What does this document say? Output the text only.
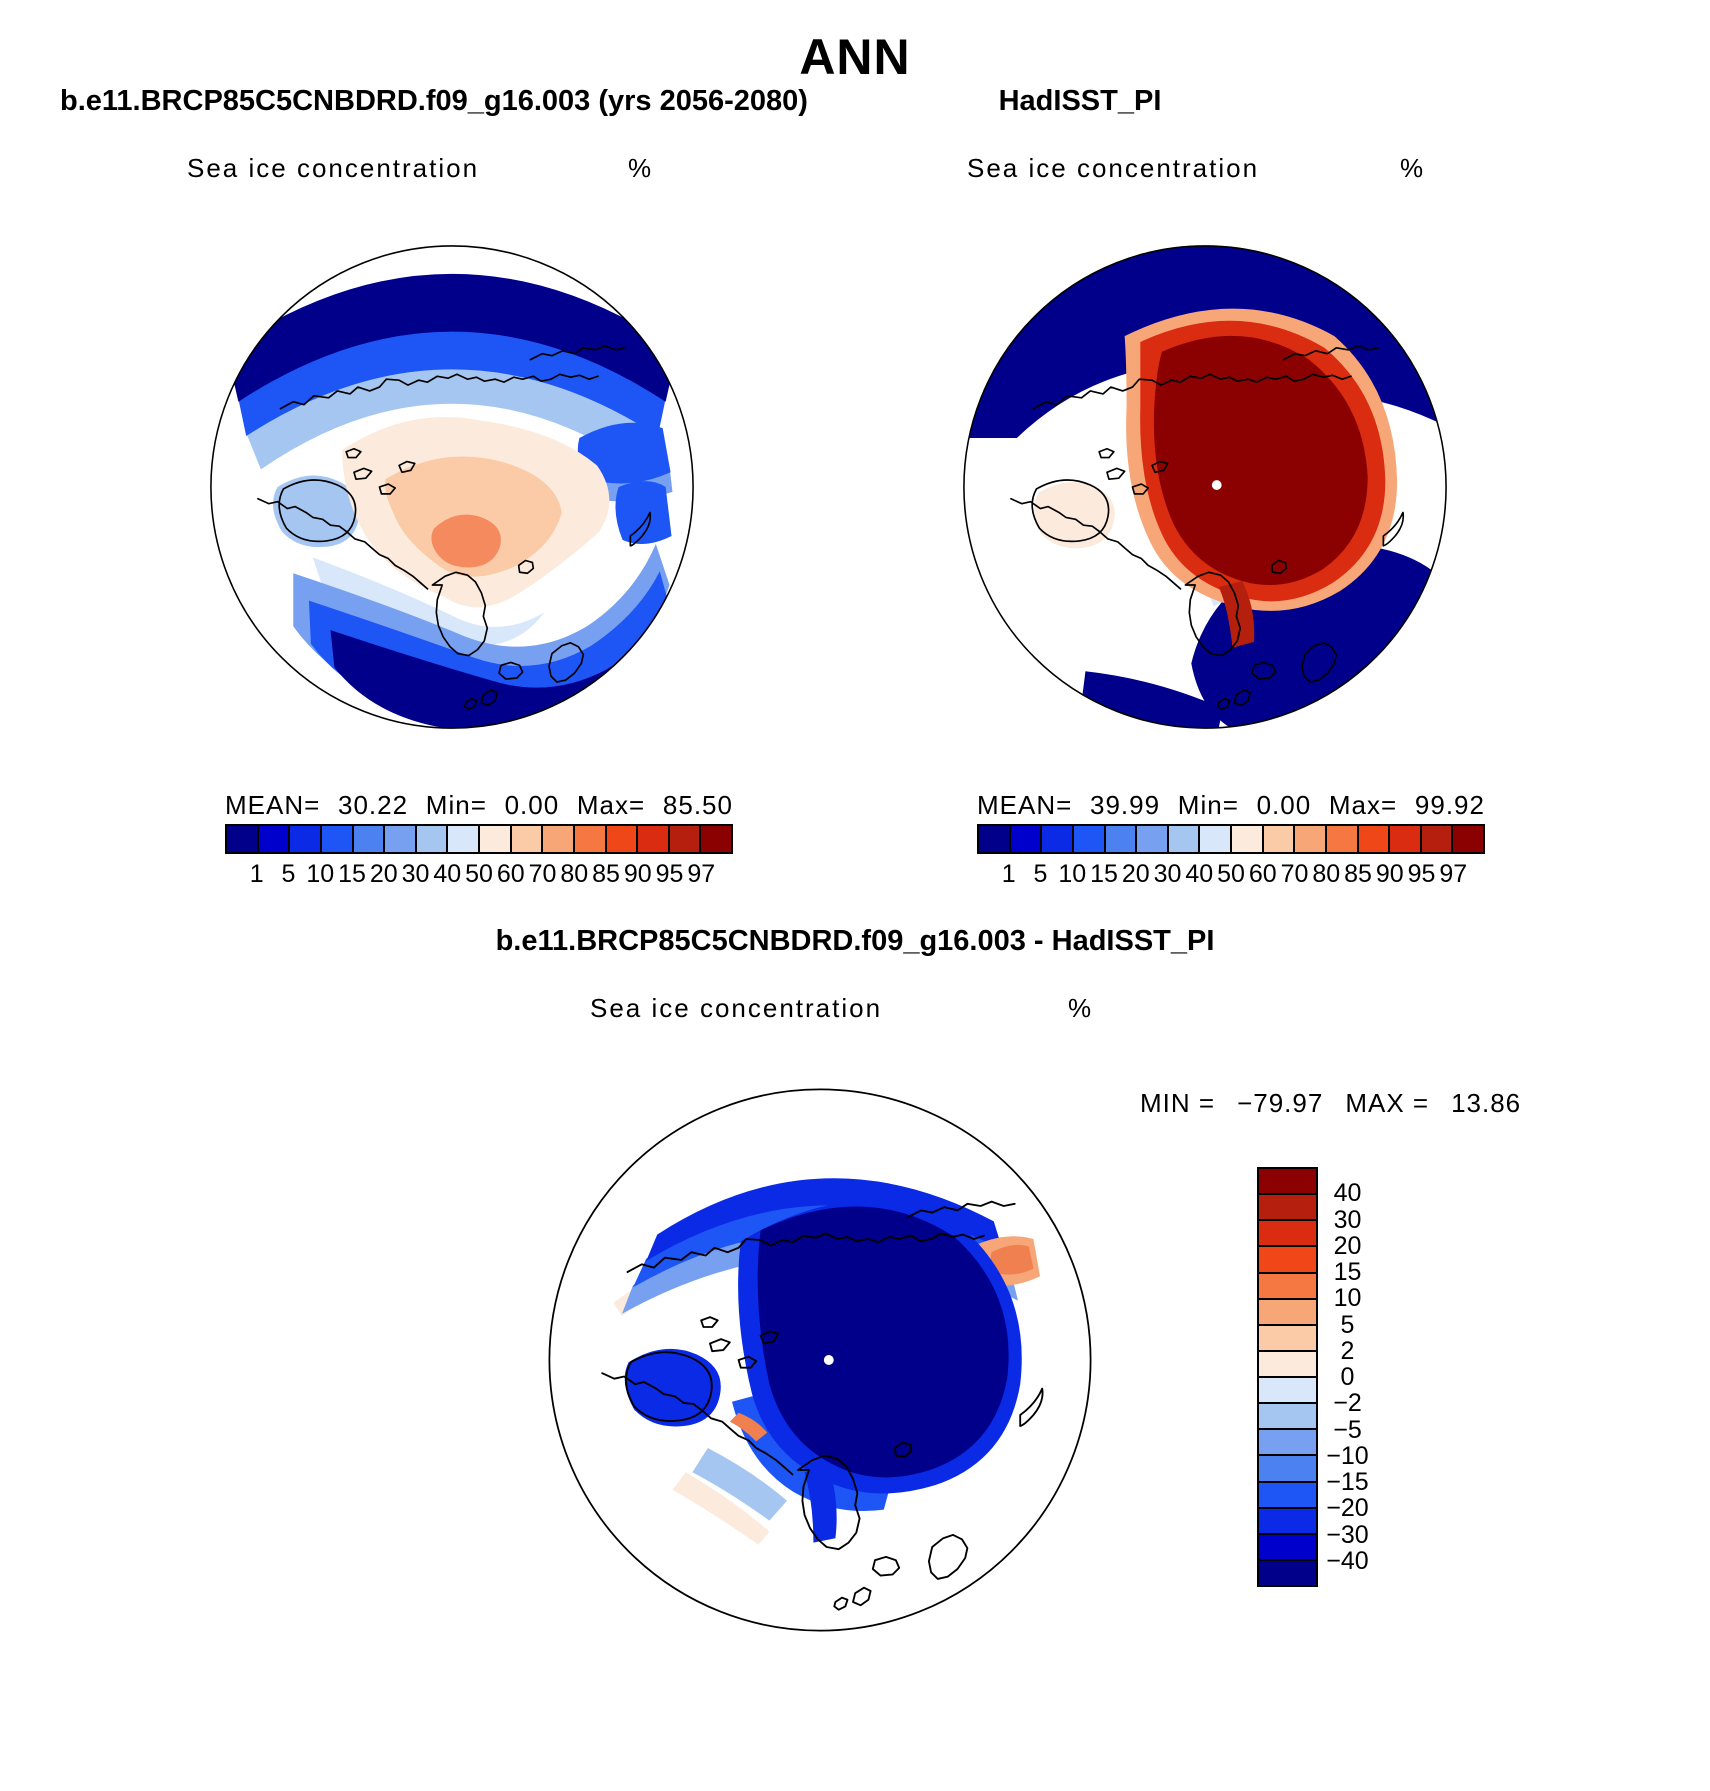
ANN
b.e11.BRCP85C5CNBDRD.f09_g16.003 (yrs 2056-2080)	HadISST_PI
Sea ice concentration	%
MEAN= 30.22 Min= 0.00 Max= 85.50
1 5 10 15 20 30 40 50 60 70 80 85 90 95 97
Sea ice concentration	%
MEAN= 39.99 Min= 0.00 Max= 99.92
1 5 10 15 20 30 40 50 60 70 80 85 90 95 97
b.e11.BRCP85C5CNBDRD.f09_g16.003 - HadISST_PI
Sea ice concentration	%
MIN = −79.97 MAX = 13.86
40
30
20
15
10
5
2
0
−2
−5
−10
−15
−20
−30
−40
